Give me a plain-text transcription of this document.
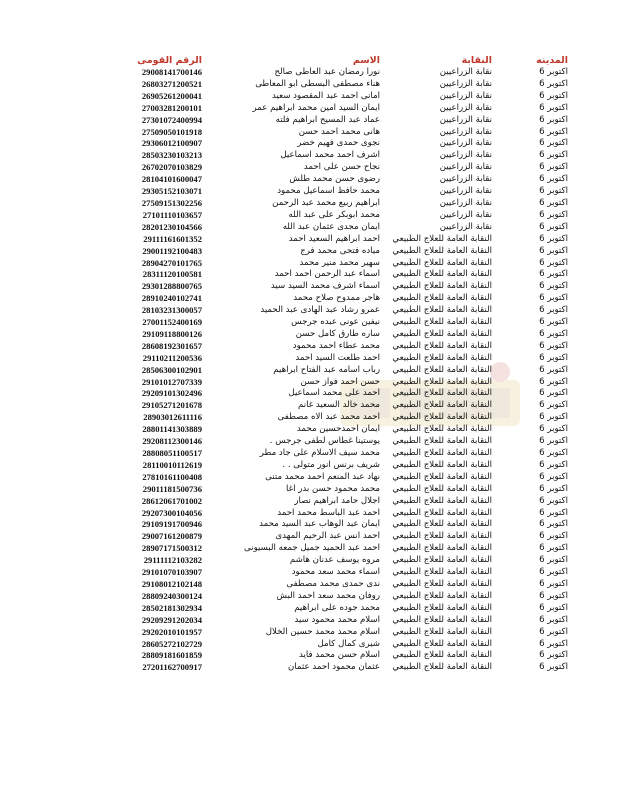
المدينه	النقابة	الاسم	الرقم القومى
اكتوبر 6	نقابة الزراعيين	نورا رمضان عبد العاطى صالح	29008141700146
اكتوبر 6	نقابة الزراعيين	هناء مصطفى البسطى ابو المعاطى	26803271200521
اكتوبر 6	نقابة الزراعيين	امانى احمد عبد المقصود سعيد	26905261200041
اكتوبر 6	نقابة الزراعيين	ايمان السيد امين محمد ابراهيم عمر	27003281200101
اكتوبر 6	نقابة الزراعيين	عماد عبد المسيح ابراهيم فلته	27301072400994
اكتوبر 6	نقابة الزراعيين	هانى محمد احمد حسن	27509050101918
اكتوبر 6	نقابة الزراعيين	نجوى حمدى فهيم خضر	29306012100907
اكتوبر 6	نقابة الزراعيين	اشرف احمد محمد اسماعيل	28503230103213
اكتوبر 6	نقابة الزراعيين	نجاح حسن على احمد	26702070103829
اكتوبر 6	نقابة الزراعيين	رضوى حسن محمد طلش	28104101600047
اكتوبر 6	نقابة الزراعيين	محمد حافظ اسماعيل محمود	29305152103071
اكتوبر 6	نقابة الزراعيين	ابراهيم ربيع محمد عبد الرحمن	27509151302256
اكتوبر 6	نقابة الزراعيين	محمد ابوبكر على عبد الله	27101110103657
اكتوبر 6	نقابة الزراعيين	ايمان مجدى عثمان عبد الله	28201230104566
اكتوبر 6	النقابة العامة للعلاج الطبيعي	احمد ابراهيم السعيد احمد	29111161601352
اكتوبر 6	النقابة العامة للعلاج الطبيعي	مياده فتحى محمد فرج	29001192100483
اكتوبر 6	النقابة العامة للعلاج الطبيعي	سهير محمد منير محمد	28904270101765
اكتوبر 6	النقابة العامة للعلاج الطبيعي	اسماء عبد الرحمن احمد احمد	28311120100581
اكتوبر 6	النقابة العامة للعلاج الطبيعي	اسماء اشرف محمد السيد سيد	29301288800765
اكتوبر 6	النقابة العامة للعلاج الطبيعي	هاجر ممدوح صلاح محمد	28910240102741
اكتوبر 6	النقابة العامة للعلاج الطبيعي	عمرو رشاد عبد الهادى عبد الحميد	28103231300057
اكتوبر 6	النقابة العامة للعلاج الطبيعي	نيفين عونى عبده جرجس	27001152400169
اكتوبر 6	النقابة العامة للعلاج الطبيعي	ساره طارق كامل حسن	29109118800126
اكتوبر 6	النقابة العامة للعلاج الطبيعي	محمد عطاء احمد محمود	28608192301657
اكتوبر 6	النقابة العامة للعلاج الطبيعي	احمد طلعت السيد احمد	29110211200536
اكتوبر 6	النقابة العامة للعلاج الطبيعي	رباب اسامه عبد الفتاح ابراهيم	28506300102901
اكتوبر 6	النقابة العامة للعلاج الطبيعي	حسن احمد فواز حسن	29101012707339
اكتوبر 6	النقابة العامة للعلاج الطبيعي	احمد على محمد اسماعيل	29209101302496
اكتوبر 6	النقابة العامة للعلاج الطبيعي	محمد خالد السعيد غانم	29105271201678
اكتوبر 6	النقابة العامة للعلاج الطبيعي	احمد محمد عبد الاه مصطفى	28903012611116
اكتوبر 6	النقابة العامة للعلاج الطبيعي	ايمان احمدحسين محمد	28801141303889
اكتوبر 6	النقابة العامة للعلاج الطبيعي	يوستينا غطاس لطفى جرجس .	29208112300146
اكتوبر 6	النقابة العامة للعلاج الطبيعي	محمد سيف الاسلام على جاد مطر	28808051100517
اكتوبر 6	النقابة العامة للعلاج الطبيعي	شريف برنس انور متولى . .	28110010112619
اكتوبر 6	النقابة العامة للعلاج الطبيعي	نهاد عبد المنعم احمد محمد متنى	27810161100408
اكتوبر 6	النقابة العامة للعلاج الطبيعي	محمد محمود حسن بدر اغا	29011181500736
اكتوبر 6	النقابة العامة للعلاج الطبيعي	اجلال حامد ابراهيم نصار	28612061701002
اكتوبر 6	النقابة العامة للعلاج الطبيعي	احمد عبد الباسط محمد احمد	29207300104056
اكتوبر 6	النقابة العامة للعلاج الطبيعي	ايمان عبد الوهاب عبد السيد محمد	29109191700946
اكتوبر 6	النقابة العامة للعلاج الطبيعي	احمد انس عبد الرحيم المهدى	29007161200879
اكتوبر 6	النقابة العامة للعلاج الطبيعي	احمد عبد الحميد جميل جمعه البسيونى	28907171500312
اكتوبر 6	النقابة العامة للعلاج الطبيعي	مروه يوسف عدنان هاشم	29111112103282
اكتوبر 6	النقابة العامة للعلاج الطبيعي	اسماء محمد سعد محمود	29101070103907
اكتوبر 6	النقابة العامة للعلاج الطبيعي	ندى حمدى محمد مصطفى	29108012102148
اكتوبر 6	النقابة العامة للعلاج الطبيعي	روفان محمد سعد احمد البش	28809240300124
اكتوبر 6	النقابة العامة للعلاج الطبيعي	محمد جوده على ابراهيم	28502181302934
اكتوبر 6	النقابة العامة للعلاج الطبيعي	اسلام محمد محمود سيد	29209291202034
اكتوبر 6	النقابة العامة للعلاج الطبيعي	اسلام محمد محمد حسين الخلال	29202010101957
اكتوبر 6	النقابة العامة للعلاج الطبيعي	شيرى كمال كامل	28605272102729
اكتوبر 6	النقابة العامة للعلاج الطبيعي	اسلام حسن محمد فايد	28809181601859
اكتوبر 6	النقابة العامة للعلاج الطبيعي	عثمان محمود احمد عثمان	27201162700917
